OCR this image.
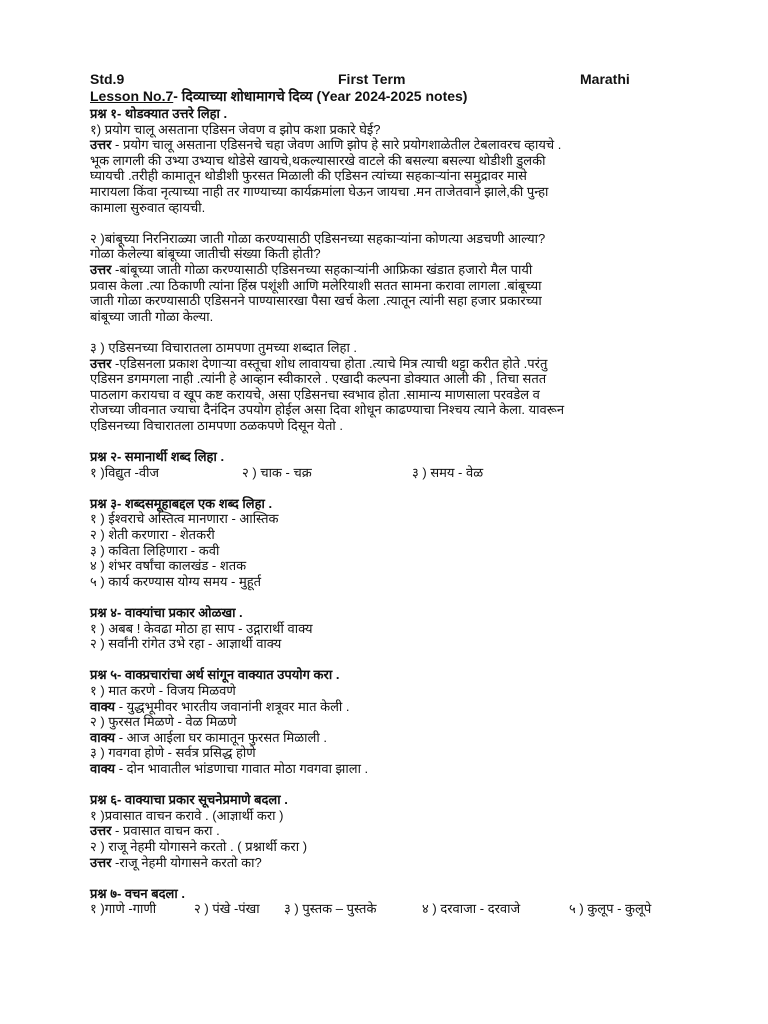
Std.9	First Term	Marathi
Lesson No.7- दिव्याच्या शोधामागचे दिव्य (Year 2024-2025 notes)
प्रश्न १- थोडक्यात उत्तरे लिहा .
१) प्रयोग चालू असताना एडिसन जेवण व झोप कशा प्रकारे घेई?
उत्तर - प्रयोग चालू असताना एडिसनचे चहा जेवण आणि झोप हे सारे प्रयोगशाळेतील टेबलावरच व्हायचे .
भूक लागली की उभ्या उभ्याच थोडेसे खायचे,थकल्यासारखे वाटले की बसल्या बसल्या थोडीशी डुलकी
घ्यायची .तरीही कामातून थोडीशी फुरसत मिळाली की एडिसन त्यांच्या सहकाऱ्यांना समुद्रावर मासे
मारायला किंवा नृत्याच्या नाही तर गाण्याच्या कार्यक्रमांला घेऊन जायचा .मन ताजेतवाने झाले,की पुन्हा
कामाला सुरुवात व्हायची.
२ )बांबूच्या निरनिराळ्या जाती गोळा करण्यासाठी एडिसनच्या सहकाऱ्यांना कोणत्या अडचणी आल्या?
गोळा केलेल्या बांबूच्या जातीची संख्या किती होती?
उत्तर -बांबूच्या जाती गोळा करण्यासाठी एडिसनच्या सहकाऱ्यांनी आफ्रिका खंडात हजारो मैल पायी
प्रवास केला .त्या ठिकाणी त्यांना हिंस्र पशूंशी आणि मलेरियाशी सतत सामना करावा लागला .बांबूच्या
जाती गोळा करण्यासाठी एडिसनने पाण्यासारखा पैसा खर्च केला .त्यातून त्यांनी सहा हजार प्रकारच्या
बांबूच्या जाती गोळा केल्या.
३ ) एडिसनच्या विचारातला ठामपणा तुमच्या शब्दात लिहा .
उत्तर -एडिसनला प्रकाश देणाऱ्या वस्तूचा शोध लावायचा होता .त्याचे मित्र त्याची थट्टा करीत होते .परंतु
एडिसन डगमगला नाही .त्यांनी हे आव्हान स्वीकारले . एखादी कल्पना डोक्यात आली की , तिचा सतत
पाठलाग करायचा व खूप कष्ट करायचे, असा एडिसनचा स्वभाव होता .सामान्य माणसाला परवडेल व
रोजच्या जीवनात ज्याचा दैनंदिन उपयोग होईल असा दिवा शोधून काढण्याचा निश्चय त्याने केला. यावरून
एडिसनच्या विचारातला ठामपणा ठळकपणे दिसून येतो .
प्रश्न २- समानार्थी शब्द लिहा .
१ )विद्युत -वीज	२ ) चाक - चक्र	३ ) समय - वेळ
प्रश्न ३- शब्दसमूहाबद्दल एक शब्द लिहा .
१ ) ईश्वराचे अस्तित्व मानणारा - आस्तिक
२ ) शेती करणारा - शेतकरी
३ ) कविता लिहिणारा - कवी
४ ) शंभर वर्षांचा कालखंड - शतक
५ ) कार्य करण्यास योग्य समय - मुहूर्त
प्रश्न ४- वाक्यांचा प्रकार ओळखा .
१ ) अबब ! केवढा मोठा हा साप - उद्गारार्थी वाक्य
२ ) सर्वांनी रांगेत उभे रहा - आज्ञार्थी वाक्य
प्रश्न ५- वाक्प्रचारांचा अर्थ सांगून वाक्यात उपयोग करा .
१ ) मात करणे - विजय मिळवणे
वाक्य - युद्धभूमीवर भारतीय जवानांनी शत्रूवर मात केली .
२ ) फुरसत मिळणे - वेळ मिळणे
वाक्य - आज आईला घर कामातून फुरसत मिळाली .
३ ) गवगवा होणे - सर्वत्र प्रसिद्ध होणे
वाक्य - दोन भावातील भांडणाचा गावात मोठा गवगवा झाला .
प्रश्न ६- वाक्याचा प्रकार सूचनेप्रमाणे बदला .
१ )प्रवासात वाचन करावे . (आज्ञार्थी करा )
उत्तर - प्रवासात वाचन करा .
२ ) राजू नेहमी योगासने करतो . ( प्रश्नार्थी करा )
उत्तर -राजू नेहमी योगासने करतो का?
प्रश्न ७- वचन बदला .
१ )गाणे -गाणी	२ ) पंखे -पंखा ३ ) पुस्तक – पुस्तके	४ ) दरवाजा - दरवाजे	५ ) कुलूप - कुलूपे
